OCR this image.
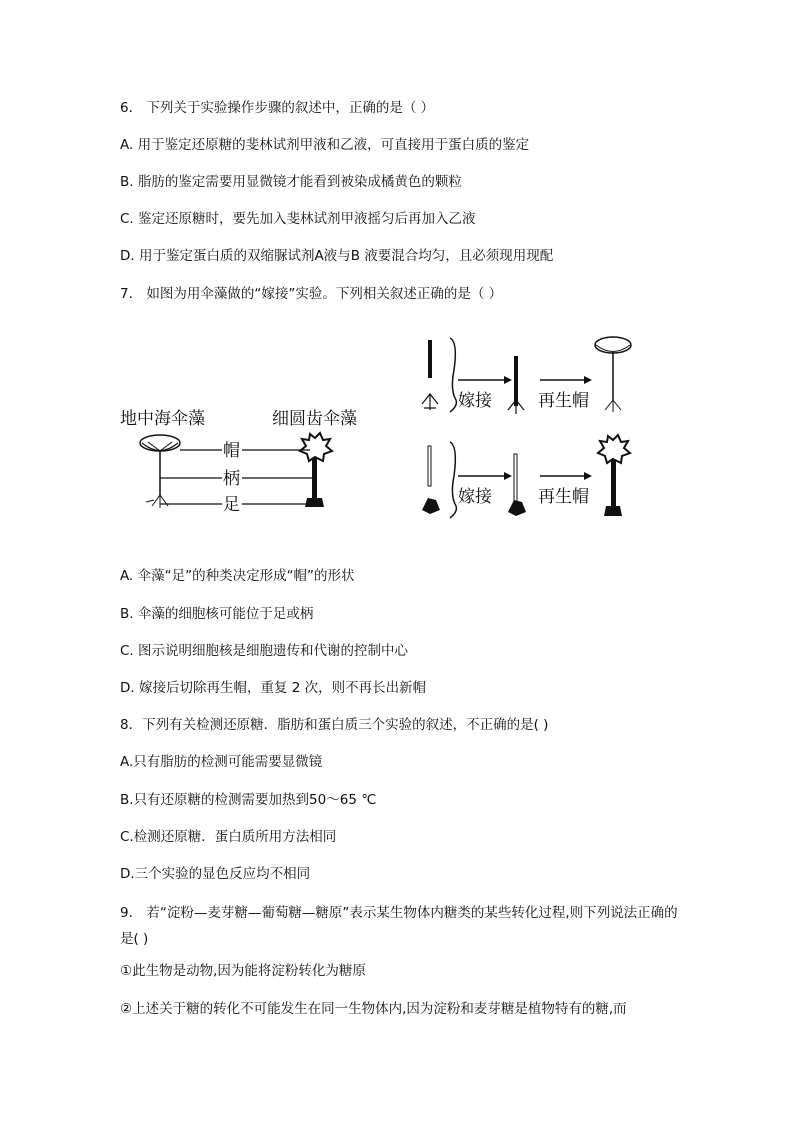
6． 下列关于实验操作步骤的叙述中，正确的是（ ）
A. 用于鉴定还原糖的斐林试剂甲液和乙液，可直接用于蛋白质的鉴定
B. 脂肪的鉴定需要用显微镜才能看到被染成橘黄色的颗粒
C. 鉴定还原糖时，要先加入斐林试剂甲液摇匀后再加入乙液
D. 用于鉴定蛋白质的双缩脲试剂A液与B 液要混合均匀，且必须现用现配
7． 如图为用伞藻做的“嫁接”实验。下列相关叙述正确的是（ ）
地中海伞藻	细圆齿伞藻
帽
柄
足
嫁接	再生帽
嫁接	再生帽
A. 伞藻“足”的种类决定形成“帽”的形状
B. 伞藻的细胞核可能位于足或柄
C. 图示说明细胞核是细胞遗传和代谢的控制中心
D. 嫁接后切除再生帽，重复 2 次，则不再长出新帽
8．下列有关检测还原糖．脂肪和蛋白质三个实验的叙述，不正确的是( )
A.只有脂肪的检测可能需要显微镜
B.只有还原糖的检测需要加热到50～65 ℃
C.检测还原糖．蛋白质所用方法相同
D.三个实验的显色反应均不相同
9． 若“淀粉—麦芽糖—葡萄糖—糖原”表示某生物体内糖类的某些转化过程,则下列说法正确的是( )
①此生物是动物,因为能将淀粉转化为糖原
②上述关于糖的转化不可能发生在同一生物体内,因为淀粉和麦芽糖是植物特有的糖,而
